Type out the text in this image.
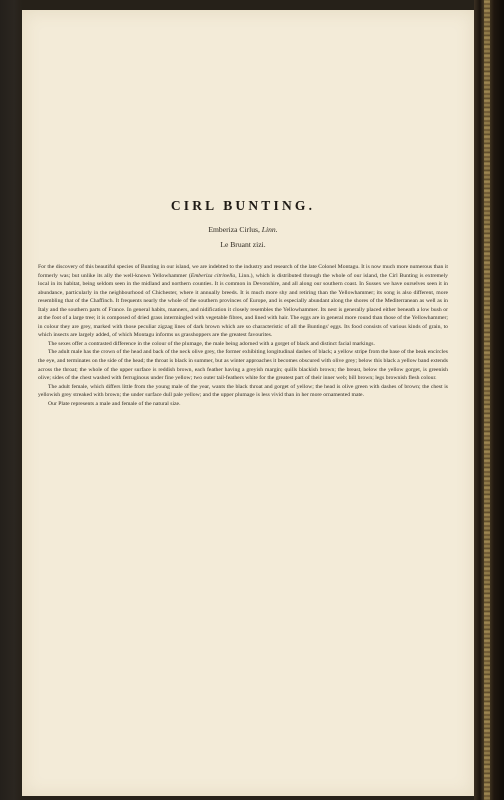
CIRL BUNTING.
Emberiza Cirlus, Linn.
Le Bruant zizi.

For the discovery of this beautiful species of Bunting in our island, we are indebted to the industry and research of the late Colonel Montagu. It is now much more numerous than it formerly was; but unlike its ally the well-known Yellowhammer (Emberiza citrinella, Linn.), which is distributed through the whole of our island, the Cirl Bunting is extremely local in its habitat, being seldom seen in the midland and northern counties. It is common in Devonshire, and all along our southern coast. In Sussex we have ourselves seen it in abundance, particularly in the neighbourhood of Chichester, where it annually breeds. It is much more shy and retiring than the Yellowhammer; its song is also different, more resembling that of the Chaffinch. It frequents nearly the whole of the southern provinces of Europe, and is especially abundant along the shores of the Mediterranean as well as in Italy and the southern parts of France. In general habits, manners, and nidification it closely resembles the Yellowhammer. Its nest is generally placed either beneath a low bush or at the foot of a large tree; it is composed of dried grass intermingled with vegetable fibres, and lined with hair. The eggs are in general more round than those of the Yellowhammer; in colour they are grey, marked with those peculiar zigzag lines of dark brown which are so characteristic of all the Buntings' eggs. Its food consists of various kinds of grain, to which insects are largely added, of which Montagu informs us grasshoppers are the greatest favourites.

The sexes offer a contrasted difference in the colour of the plumage, the male being adorned with a gorget of black and distinct facial markings.

The adult male has the crown of the head and back of the neck olive grey, the former exhibiting longitudinal dashes of black; a yellow stripe from the base of the beak encircles the eye, and terminates on the side of the head; the throat is black in summer, but as winter approaches it becomes obscured with olive grey; below this black a yellow band extends across the throat; the whole of the upper surface is reddish brown, each feather having a greyish margin; quills blackish brown; the breast, below the yellow gorget, is greenish olive; sides of the chest washed with ferruginous under fine yellow; two outer tail-feathers white for the greatest part of their inner web; bill brown; legs brownish flesh colour.

The adult female, which differs little from the young male of the year, wants the black throat and gorget of yellow; the head is olive green with dashes of brown; the chest is yellowish grey streaked with brown; the under surface dull pale yellow; and the upper plumage is less vivid than in her more ornamented mate.

Our Plate represents a male and female of the natural size.
